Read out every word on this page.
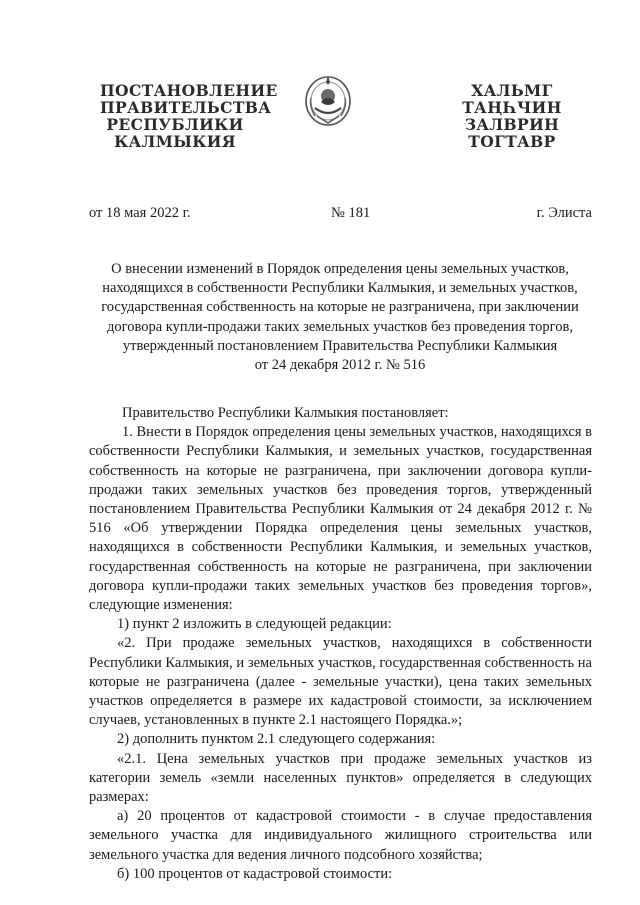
ПОСТАНОВЛЕНИЕ
ПРАВИТЕЛЬСТВА
РЕСПУБЛИКИ
КАЛМЫКИЯ
ХАЛЬМГ
ТАҢҺЧИН
ЗАЛВРИН
ТОГТАВР
от 18 мая 2022 г.	№ 181	г. Элиста
О внесении изменений в Порядок определения цены земельных участков,
находящихся в собственности Республики Калмыкия, и земельных участков,
государственная собственность на которые не разграничена, при заключении
договора купли-продажи таких земельных участков без проведения торгов,
утвержденный постановлением Правительства Республики Калмыкия
от 24 декабря 2012 г. № 516
Правительство Республики Калмыкия постановляет:
1. Внести в Порядок определения цены земельных участков, находящихся в собственности Республики Калмыкия, и земельных участков, государственная собственность на которые не разграничена, при заключении договора купли-продажи таких земельных участков без проведения торгов, утвержденный постановлением Правительства Республики Калмыкия от 24 декабря 2012 г. № 516 «Об утверждении Порядка определения цены земельных участков, находящихся в собственности Республики Калмыкия, и земельных участков, государственная собственность на которые не разграничена, при заключении договора купли-продажи таких земельных участков без проведения торгов», следующие изменения:
1) пункт 2 изложить в следующей редакции:
«2. При продаже земельных участков, находящихся в собственности Республики Калмыкия, и земельных участков, государственная собственность на которые не разграничена (далее - земельные участки), цена таких земельных участков определяется в размере их кадастровой стоимости, за исключением случаев, установленных в пункте 2.1 настоящего Порядка.»;
2) дополнить пунктом 2.1 следующего содержания:
«2.1. Цена земельных участков при продаже земельных участков из категории земель «земли населенных пунктов» определяется в следующих размерах:
а) 20 процентов от кадастровой стоимости - в случае предоставления земельного участка для индивидуального жилищного строительства или земельного участка для ведения личного подсобного хозяйства;
б) 100 процентов от кадастровой стоимости:
